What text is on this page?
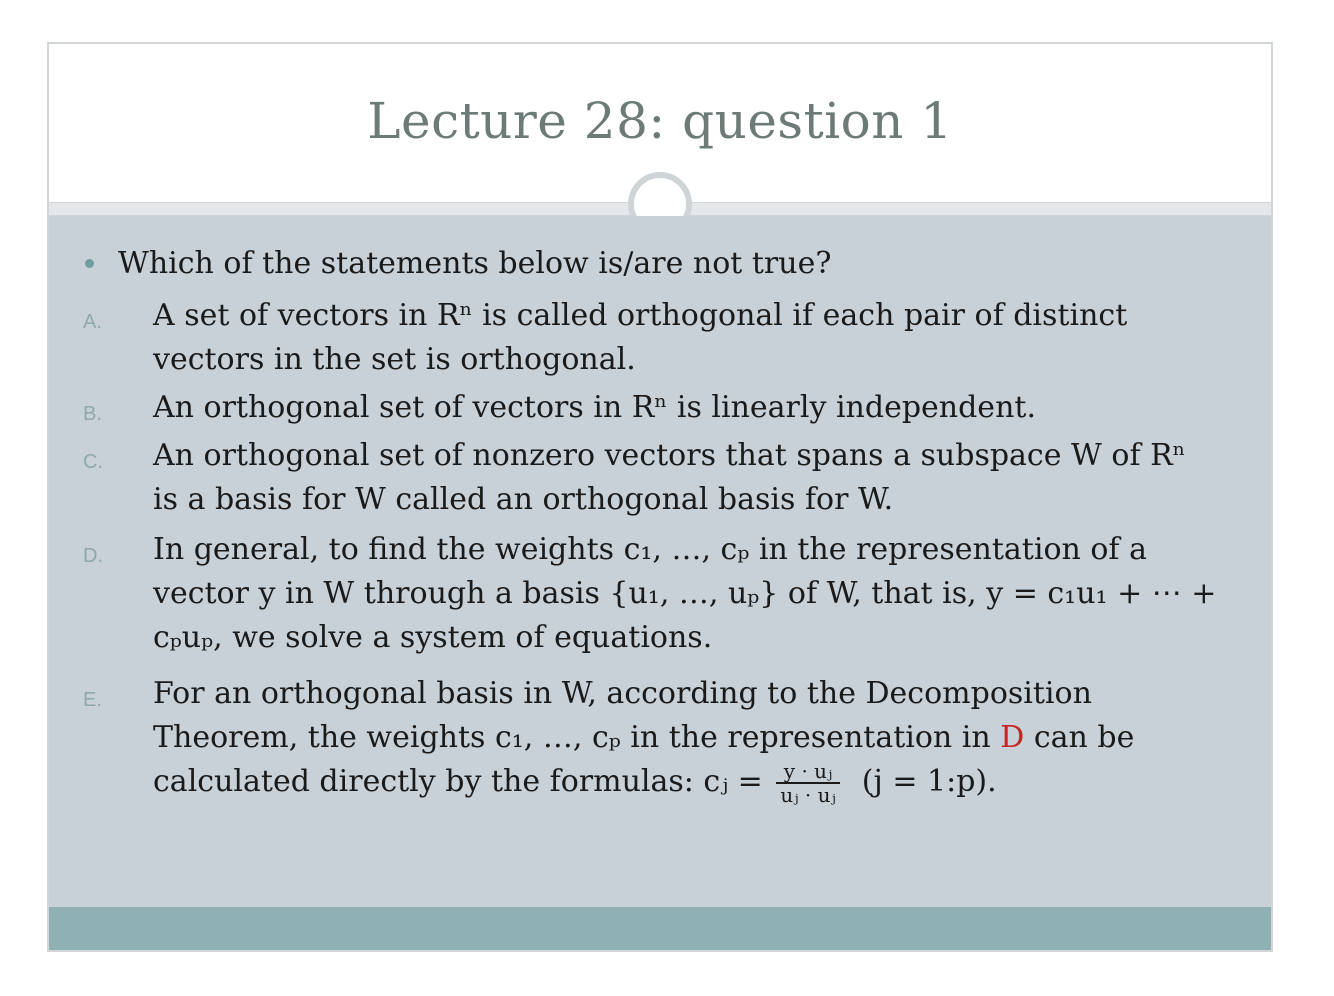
Lecture 28: question 1
Which of the statements below is/are not true?
A. A set of vectors in Rⁿ is called orthogonal if each pair of distinct
vectors in the set is orthogonal.
B. An orthogonal set of vectors in Rⁿ is linearly independent.
C. An orthogonal set of nonzero vectors that spans a subspace W of Rⁿ
is a basis for W called an orthogonal basis for W.
D. In general, to find the weights c₁, …, cₚ in the representation of a
vector y in W through a basis {u₁, …, uₚ} of W, that is, y = c₁u₁ + ⋯ +
cₚuₚ, we solve a system of equations.
E. For an orthogonal basis in W, according to the Decomposition
Theorem, the weights c₁, …, cₚ in the representation in D can be
calculated directly by the formulas: cⱼ = $\frac{\text{y · uⱼ}}{\text{uⱼ · uⱼ}} (j$ = 1:p).
